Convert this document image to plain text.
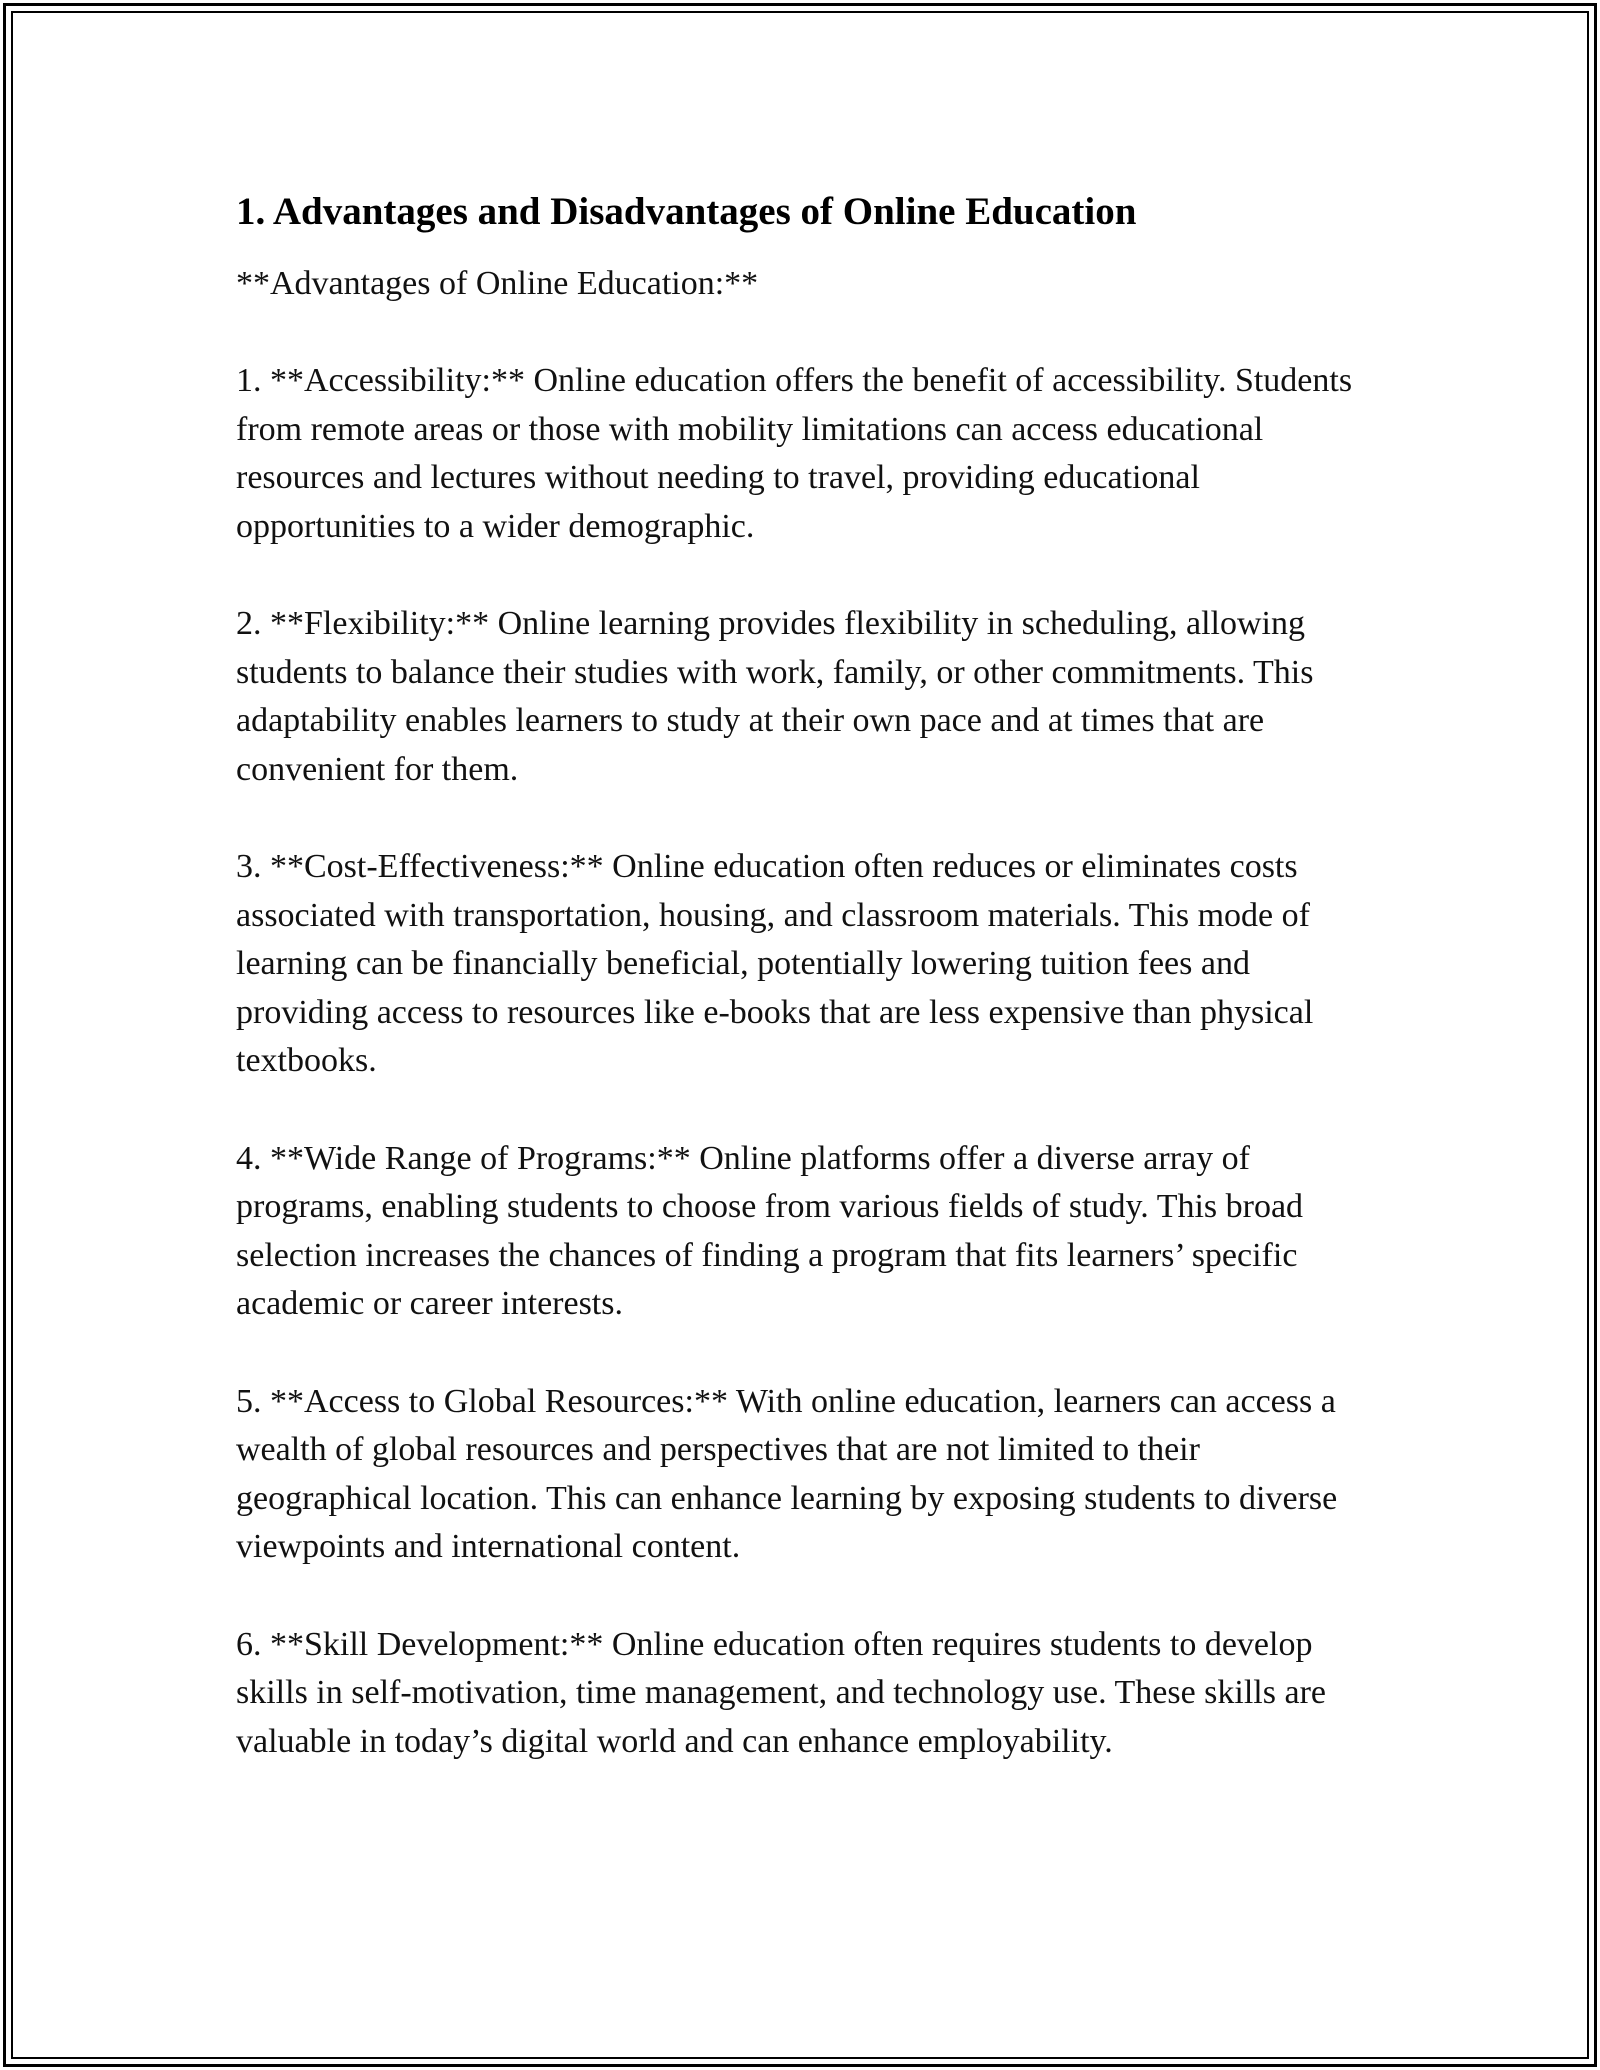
1. Advantages and Disadvantages of Online Education

**Advantages of Online Education:**

1. **Accessibility:** Online education offers the benefit of accessibility. Students from remote areas or those with mobility limitations can access educational resources and lectures without needing to travel, providing educational opportunities to a wider demographic.

2. **Flexibility:** Online learning provides flexibility in scheduling, allowing students to balance their studies with work, family, or other commitments. This adaptability enables learners to study at their own pace and at times that are convenient for them.

3. **Cost-Effectiveness:** Online education often reduces or eliminates costs associated with transportation, housing, and classroom materials. This mode of learning can be financially beneficial, potentially lowering tuition fees and providing access to resources like e-books that are less expensive than physical textbooks.

4. **Wide Range of Programs:** Online platforms offer a diverse array of programs, enabling students to choose from various fields of study. This broad selection increases the chances of finding a program that fits learners’ specific academic or career interests.

5. **Access to Global Resources:** With online education, learners can access a wealth of global resources and perspectives that are not limited to their geographical location. This can enhance learning by exposing students to diverse viewpoints and international content.

6. **Skill Development:** Online education often requires students to develop skills in self-motivation, time management, and technology use. These skills are valuable in today’s digital world and can enhance employability.
